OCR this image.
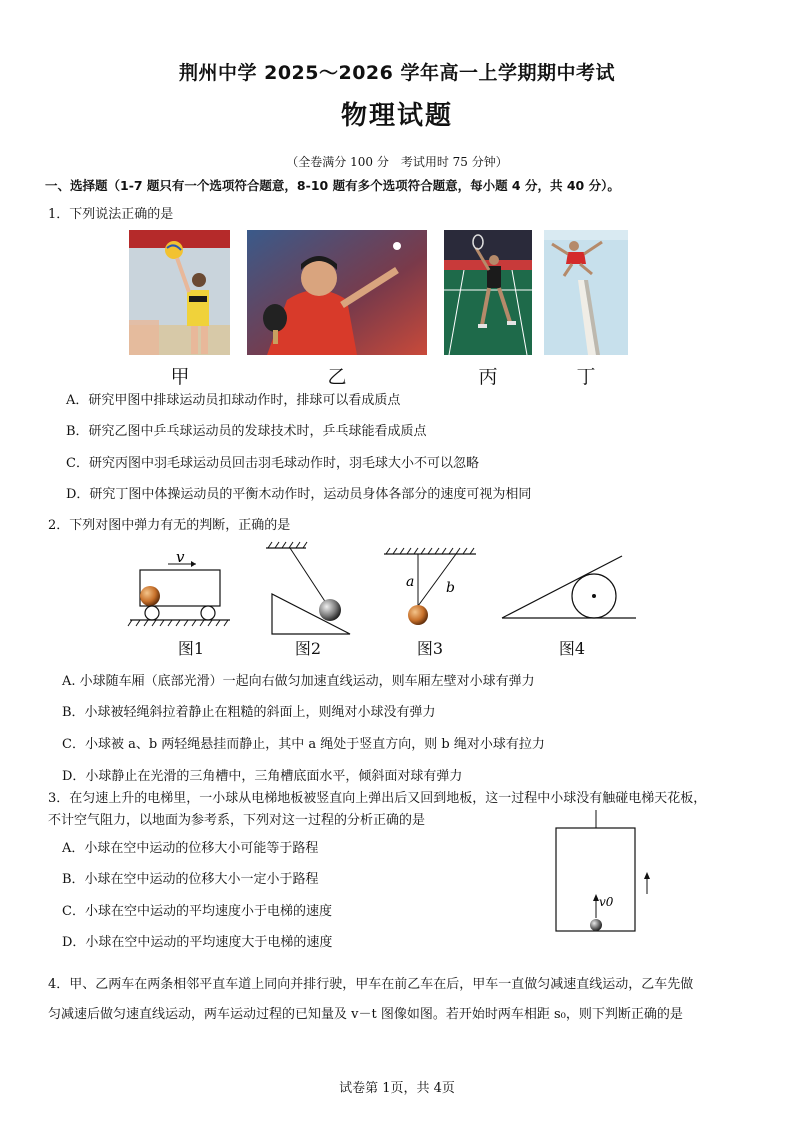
荆州中学 2025～2026 学年高一上学期期中考试
物理试题
（全卷满分 100 分　考试用时 75 分钟）
一、选择题（1-7 题只有一个选项符合题意，8-10 题有多个选项符合题意，每小题 4 分，共 40 分）。
1．下列说法正确的是
甲	乙	丙	丁
A．研究甲图中排球运动员扣球动作时，排球可以看成质点
B．研究乙图中乒乓球运动员的发球技术时，乒乓球能看成质点
C．研究丙图中羽毛球运动员回击羽毛球动作时，羽毛球大小不可以忽略
D．研究丁图中体操运动员的平衡木动作时，运动员身体各部分的速度可视为相同
2．下列对图中弹力有无的判断，正确的是
v
a b
图1	图2	图3	图4
A. 小球随车厢（底部光滑）一起向右做匀加速直线运动，则车厢左壁对小球有弹力
B．小球被轻绳斜拉着静止在粗糙的斜面上，则绳对小球没有弹力
C．小球被 a、b 两轻绳悬挂而静止，其中 a 绳处于竖直方向，则 b 绳对小球有拉力
D．小球静止在光滑的三角槽中，三角槽底面水平，倾斜面对球有弹力
3．在匀速上升的电梯里，一小球从电梯地板被竖直向上弹出后又回到地板，这一过程中小球没有触碰电梯天花板，
不计空气阻力，以地面为参考系，下列对这一过程的分析正确的是
A．小球在空中运动的位移大小可能等于路程
B．小球在空中运动的位移大小一定小于路程
C．小球在空中运动的平均速度小于电梯的速度
D．小球在空中运动的平均速度大于电梯的速度
v0
4．甲、乙两车在两条相邻平直车道上同向并排行驶，甲车在前乙车在后，甲车一直做匀减速直线运动，乙车先做
匀减速后做匀速直线运动，两车运动过程的已知量及 v－t 图像如图。若开始时两车相距 s₀，则下判断正确的是
试卷第 1页，共 4页
